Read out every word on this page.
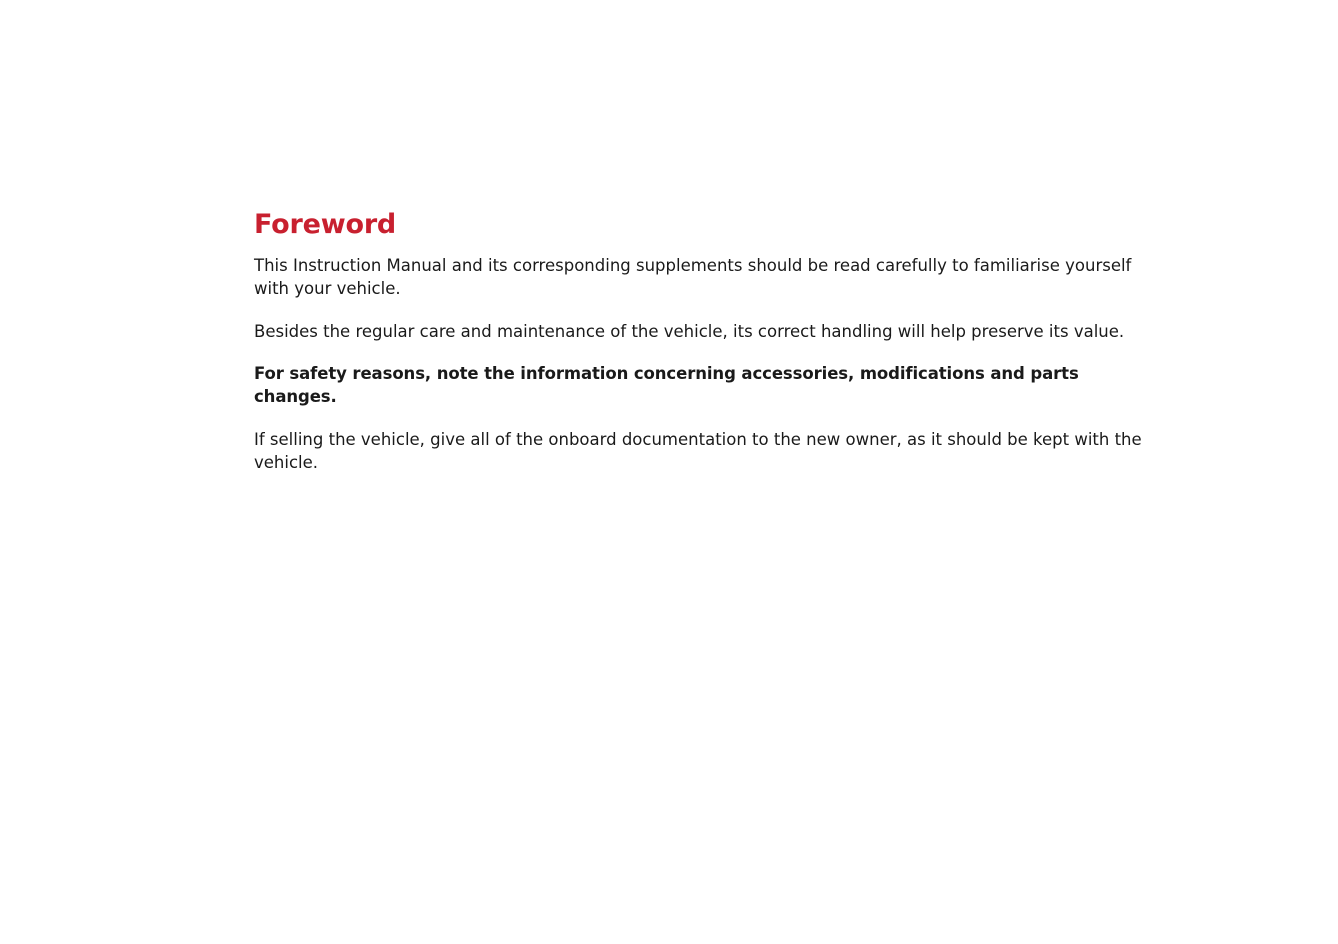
Foreword

This Instruction Manual and its corresponding supplements should be read carefully to familiarise yourself with your vehicle.

Besides the regular care and maintenance of the vehicle, its correct handling will help preserve its value.

For safety reasons, note the information concerning accessories, modifications and parts changes.

If selling the vehicle, give all of the onboard documentation to the new owner, as it should be kept with the vehicle.
